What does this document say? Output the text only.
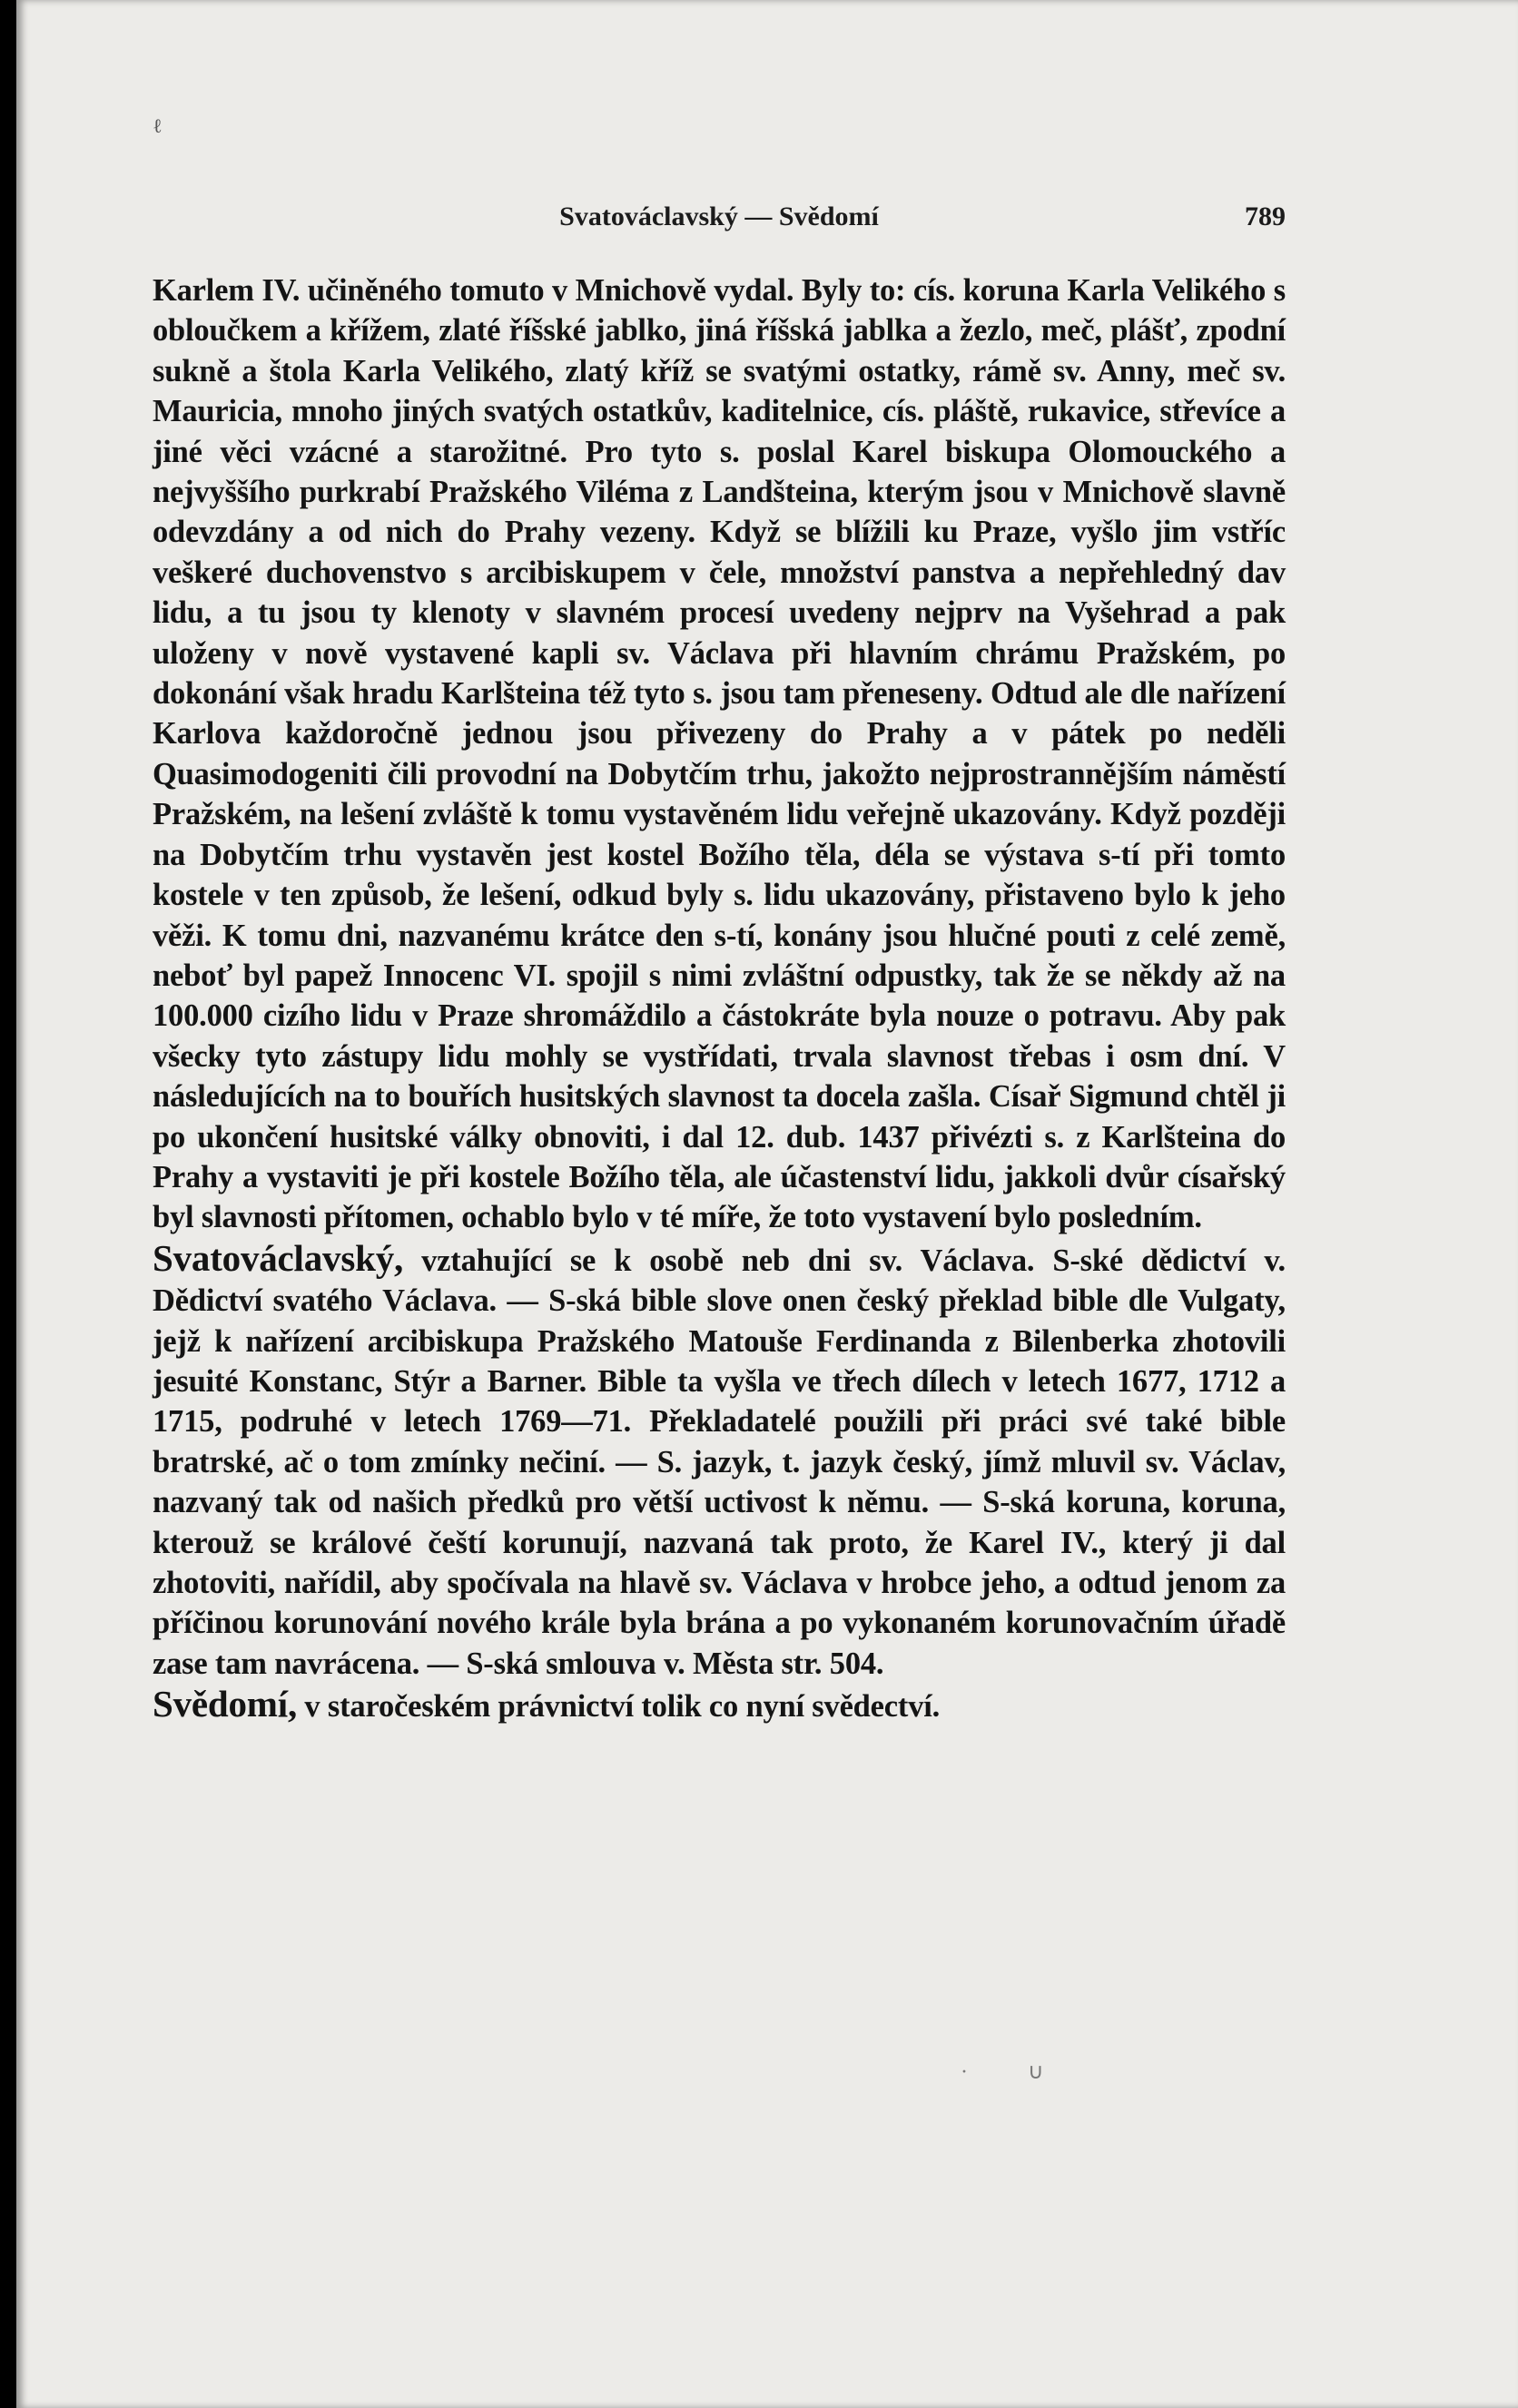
ℓ
Svatováclavský — Svědomí	789

Karlem IV. učiněného tomuto v Mnichově vydal. Byly to: cís. koruna Karla Velikého s obloučkem a křížem, zlaté říšské jablko, jiná říšská jablka a žezlo, meč, plášť, zpodní sukně a štola Karla Velikého, zlatý kříž se svatými ostatky, rámě sv. Anny, meč sv. Mauricia, mnoho jiných svatých ostatkův, kaditelnice, cís. pláště, rukavice, střevíce a jiné věci vzácné a starožitné. Pro tyto s. poslal Karel biskupa Olomouckého a nejvyššího purkrabí Pražského Viléma z Landšteina, kterým jsou v Mnichově slavně odevzdány a od nich do Prahy vezeny. Když se blížili ku Praze, vyšlo jim vstříc veškeré duchovenstvo s arcibiskupem v čele, množství panstva a nepřehledný dav lidu, a tu jsou ty klenoty v slavném procesí uvedeny nejprv na Vyšehrad a pak uloženy v nově vystavené kapli sv. Václava při hlavním chrámu Pražském, po dokonání však hradu Karlšteina též tyto s. jsou tam přeneseny. Odtud ale dle nařízení Karlova každoročně jednou jsou přivezeny do Prahy a v pátek po neděli Quasimodogeniti čili provodní na Dobytčím trhu, jakožto nejprostrannějším náměstí Pražském, na lešení zvláště k tomu vystavěném lidu veřejně ukazovány. Když později na Dobytčím trhu vystavěn jest kostel Božího těla, déla se výstava s-tí při tomto kostele v ten způsob, že lešení, odkud byly s. lidu ukazovány, přistaveno bylo k jeho věži. K tomu dni, nazvanému krátce den s-tí, konány jsou hlučné pouti z celé země, neboť byl papež Innocenc VI. spojil s nimi zvláštní odpustky, tak že se někdy až na 100.000 cizího lidu v Praze shromáždilo a částokráte byla nouze o potravu. Aby pak všecky tyto zástupy lidu mohly se vystřídati, trvala slavnost třebas i osm dní. V následujících na to bouřích husitských slavnost ta docela zašla. Císař Sigmund chtěl ji po ukončení husitské války obnoviti, i dal 12. dub. 1437 přivézti s. z Karlšteina do Prahy a vystaviti je při kostele Božího těla, ale účastenství lidu, jakkoli dvůr císařský byl slavnosti přítomen, ochablo bylo v té míře, že toto vystavení bylo posledním.

Svatováclavský, vztahující se k osobě neb dni sv. Václava. S-ské dědictví v. Dědictví svatého Václava. — S-ská bible slove onen český překlad bible dle Vulgaty, jejž k nařízení arcibiskupa Pražského Matouše Ferdinanda z Bilenberka zhotovili jesuité Konstanc, Stýr a Barner. Bible ta vyšla ve třech dílech v letech 1677, 1712 a 1715, podruhé v letech 1769—71. Překladatelé použili při práci své také bible bratrské, ač o tom zmínky nečiní. — S. jazyk, t. jazyk český, jímž mluvil sv. Václav, nazvaný tak od našich předků pro větší uctivost k němu. — S-ská koruna, koruna, kterouž se králové čeští korunují, nazvaná tak proto, že Karel IV., který ji dal zhotoviti, nařídil, aby spočívala na hlavě sv. Václava v hrobce jeho, a odtud jenom za příčinou korunování nového krále byla brána a po vykonaném korunovačním úřadě zase tam navrácena. — S-ská smlouva v. Města str. 504.

Svědomí, v staročeském právnictví tolik co nyní svědectví.

· ∪
